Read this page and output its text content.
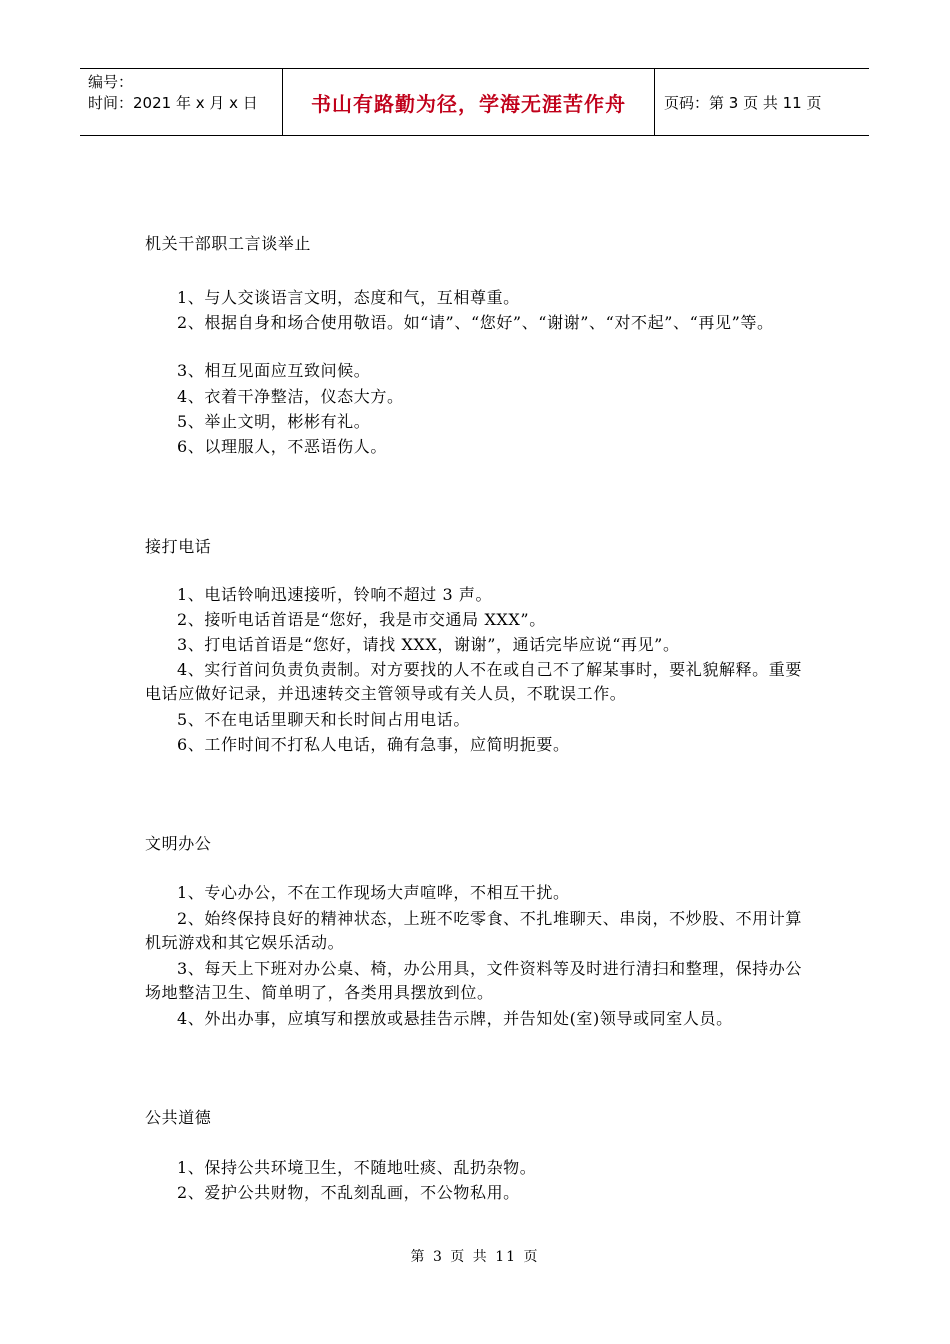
编号：
时间：2021 年 x 月 x 日	书山有路勤为径，学海无涯苦作舟	页码：第 3 页 共 11 页
机关干部职工言谈举止
1、与人交谈语言文明，态度和气，互相尊重。
2、根据自身和场合使用敬语。如“请”、“您好”、“谢谢”、“对不起”、“再见”等。
3、相互见面应互致问候。
4、衣着干净整洁，仪态大方。
5、举止文明，彬彬有礼。
6、以理服人，不恶语伤人。
接打电话
1、电话铃响迅速接听，铃响不超过 3 声。
2、接听电话首语是“您好，我是市交通局 XXX”。
3、打电话首语是“您好，请找 XXX，谢谢”，通话完毕应说“再见”。
4、实行首问负责负责制。对方要找的人不在或自己不了解某事时，要礼貌解释。重要电话应做好记录，并迅速转交主管领导或有关人员，不耽误工作。
5、不在电话里聊天和长时间占用电话。
6、工作时间不打私人电话，确有急事，应简明扼要。
文明办公
1、专心办公，不在工作现场大声喧哗，不相互干扰。
2、始终保持良好的精神状态，上班不吃零食、不扎堆聊天、串岗，不炒股、不用计算机玩游戏和其它娱乐活动。
3、每天上下班对办公桌、椅，办公用具，文件资料等及时进行清扫和整理，保持办公场地整洁卫生、简单明了，各类用具摆放到位。
4、外出办事，应填写和摆放或悬挂告示牌，并告知处(室)领导或同室人员。
公共道德
1、保持公共环境卫生，不随地吐痰、乱扔杂物。
2、爱护公共财物，不乱刻乱画，不公物私用。
第 3 页 共 11 页
